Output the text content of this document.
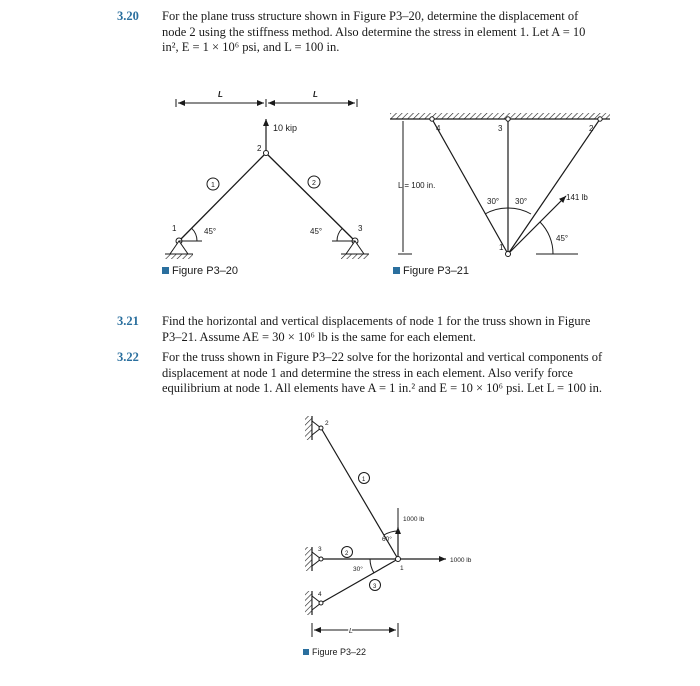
3.20 For the plane truss structure shown in Figure P3–20, determine the displacement of node 2 using the stiffness method. Also determine the stress in element 1. Let A = 10 in², E = 1 × 10⁶ psi, and L = 100 in.
3.21 Find the horizontal and vertical displacements of node 1 for the truss shown in Figure P3–21. Assume AE = 30 × 10⁶ lb is the same for each element.
3.22 For the truss shown in Figure P3–22 solve for the horizontal and vertical components of displacement at node 1 and determine the stress in each element. Also verify force equilibrium at node 1. All elements have A = 1 in.² and E = 10 × 10⁶ psi. Let L = 100 in.
Figure P3–20	Figure P3–21
Figure P3–22
L	L
10 kip
2
1	3
1	2
45°	45°
4	3	2
1
L = 100 in.
30° 30°	141 lb
45°
2
3
4
1
1
2
3
60°
30°
1000 lb
1000 lb
L
